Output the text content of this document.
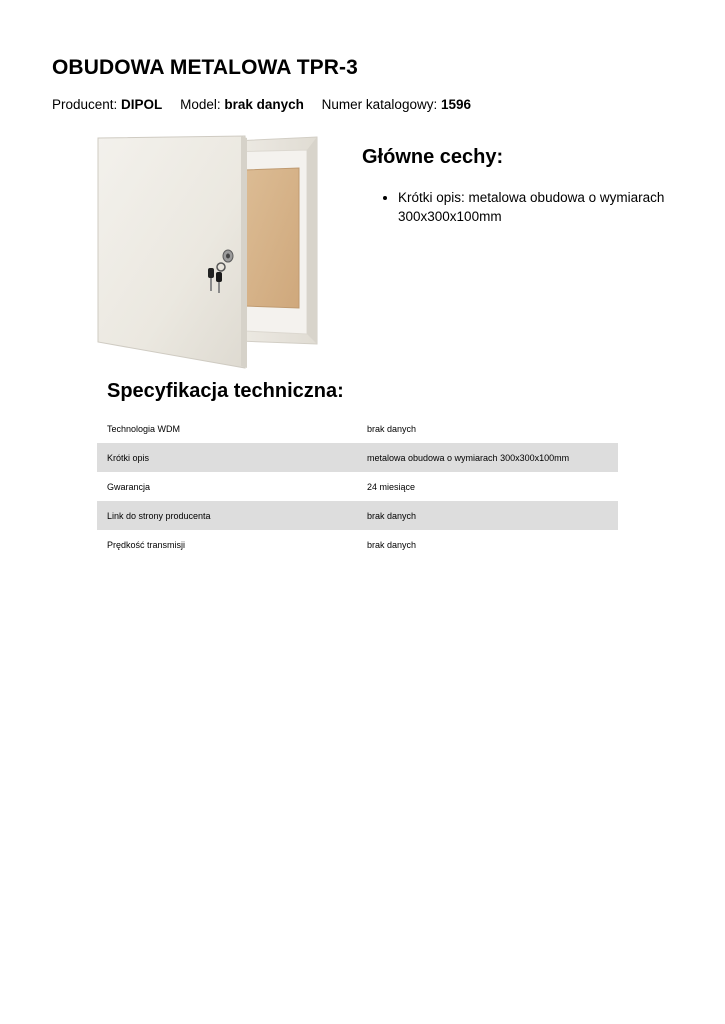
OBUDOWA METALOWA TPR-3
Producent: DIPOL Model: brak danych Numer katalogowy: 1596
Główne cechy:
• Krótki opis: metalowa obudowa o wymiarach 300x300x100mm
Specyfikacja techniczna:
Technologia WDM	brak danych
Krótki opis	metalowa obudowa o wymiarach 300x300x100mm
Gwarancja	24 miesiące
Link do strony producenta	brak danych
Prędkość transmisji	brak danych
